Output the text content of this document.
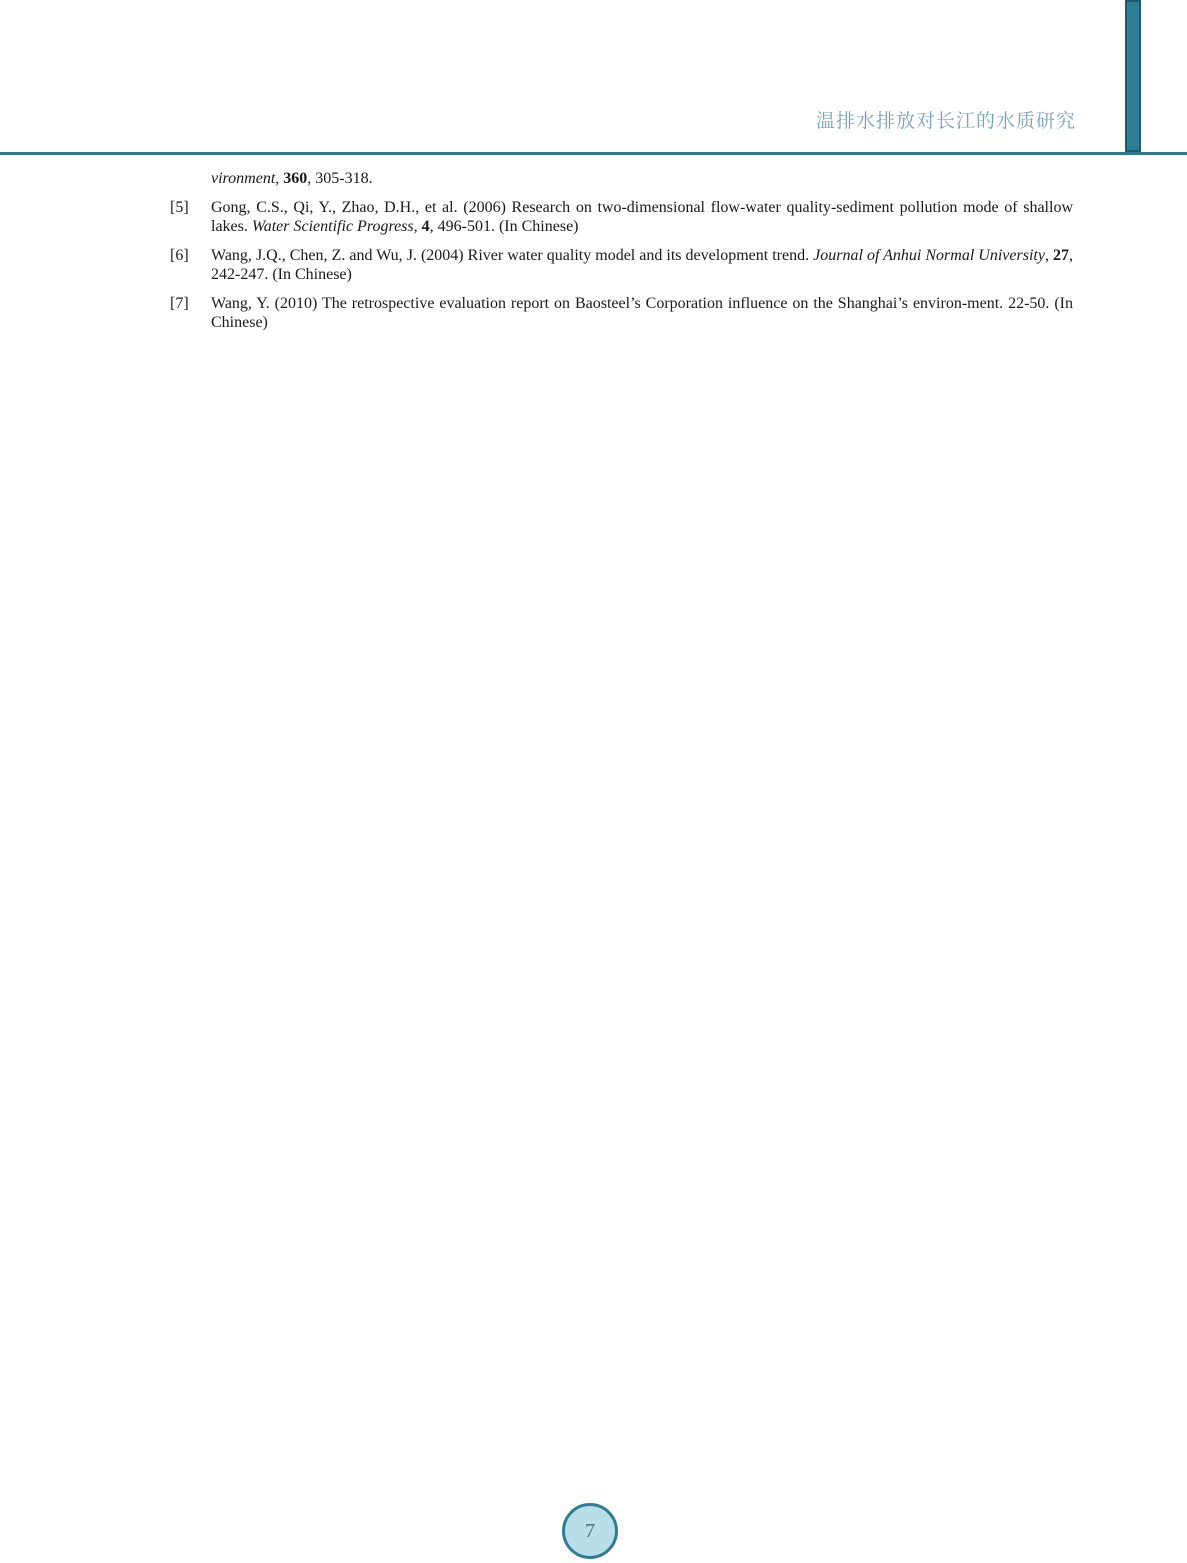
温排水排放对长江的水质研究

vironment, 360, 305-318.

[5]	Gong, C.S., Qi, Y., Zhao, D.H., et al. (2006) Research on two-dimensional flow-water quality-sediment pollution mode of shallow lakes. Water Scientific Progress, 4, 496-501. (In Chinese)
[6]	Wang, J.Q., Chen, Z. and Wu, J. (2004) River water quality model and its development trend. Journal of Anhui Normal University, 27, 242-247. (In Chinese)
[7]	Wang, Y. (2010) The retrospective evaluation report on Baosteel’s Corporation influence on the Shanghai’s environ-ment. 22-50. (In Chinese)
7
